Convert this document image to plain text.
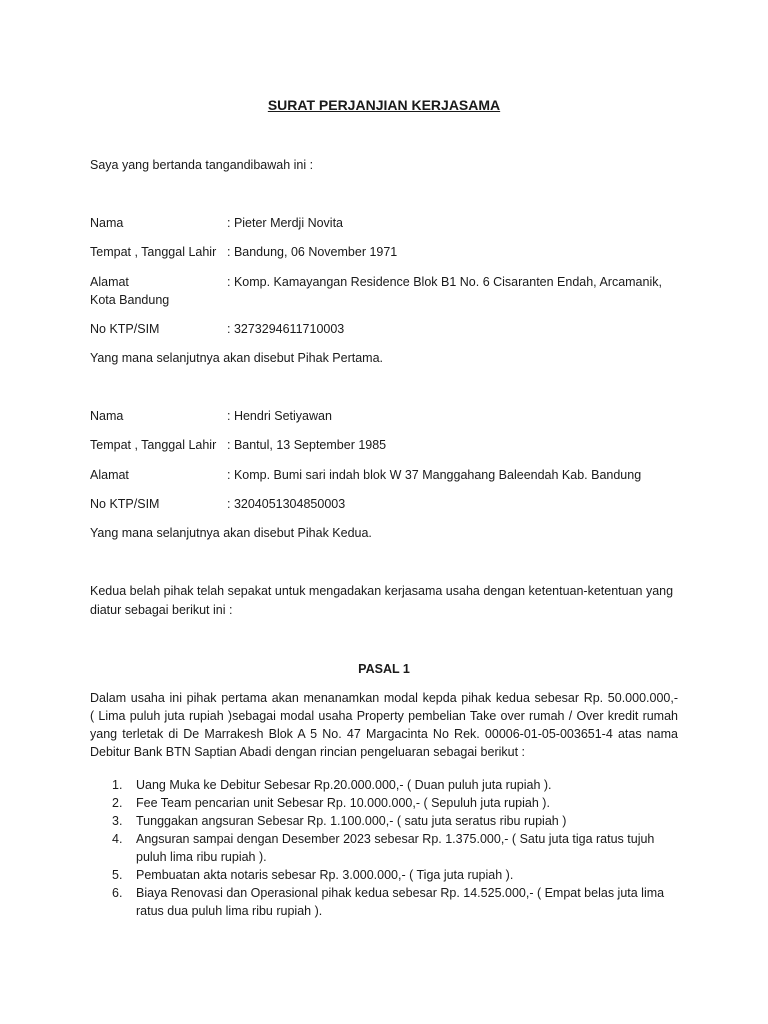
SURAT PERJANJIAN KERJASAMA
Saya yang bertanda tangandibawah ini :
Nama	: Pieter Merdji Novita
Tempat , Tanggal Lahir : Bandung, 06 November 1971
Alamat	: Komp. Kamayangan Residence Blok B1 No. 6 Cisaranten Endah, Arcamanik,
Kota Bandung
No KTP/SIM	: 3273294611710003
Yang mana selanjutnya akan disebut Pihak Pertama.
Nama	: Hendri Setiyawan
Tempat , Tanggal Lahir : Bantul, 13 September 1985
Alamat	: Komp. Bumi sari indah blok W 37 Manggahang Baleendah Kab. Bandung
No KTP/SIM	: 3204051304850003
Yang mana selanjutnya akan disebut Pihak Kedua.
Kedua belah pihak telah sepakat untuk mengadakan kerjasama usaha dengan ketentuan-ketentuan yang
diatur sebagai berikut ini :
PASAL 1
Dalam usaha ini pihak pertama akan menanamkan modal kepda pihak kedua sebesar Rp. 50.000.000,-
( Lima puluh juta rupiah )sebagai modal usaha Property pembelian Take over rumah / Over kredit rumah
yang terletak di De Marrakesh Blok A 5 No. 47 Margacinta No Rek. 00006-01-05-003651-4 atas nama
Debitur Bank BTN Saptian Abadi dengan rincian pengeluaran sebagai berikut :
1. Uang Muka ke Debitur Sebesar Rp.20.000.000,- ( Duan puluh juta rupiah ).
2. Fee Team pencarian unit Sebesar Rp. 10.000.000,- ( Sepuluh juta rupiah ).
3. Tunggakan angsuran Sebesar Rp. 1.100.000,- ( satu juta seratus ribu rupiah )
4. Angsuran sampai dengan Desember 2023 sebesar Rp. 1.375.000,- ( Satu juta tiga ratus tujuh puluh lima ribu rupiah ).
5. Pembuatan akta notaris sebesar Rp. 3.000.000,- ( Tiga juta rupiah ).
6. Biaya Renovasi dan Operasional pihak kedua sebesar Rp. 14.525.000,- ( Empat belas juta lima ratus dua puluh lima ribu rupiah ).
